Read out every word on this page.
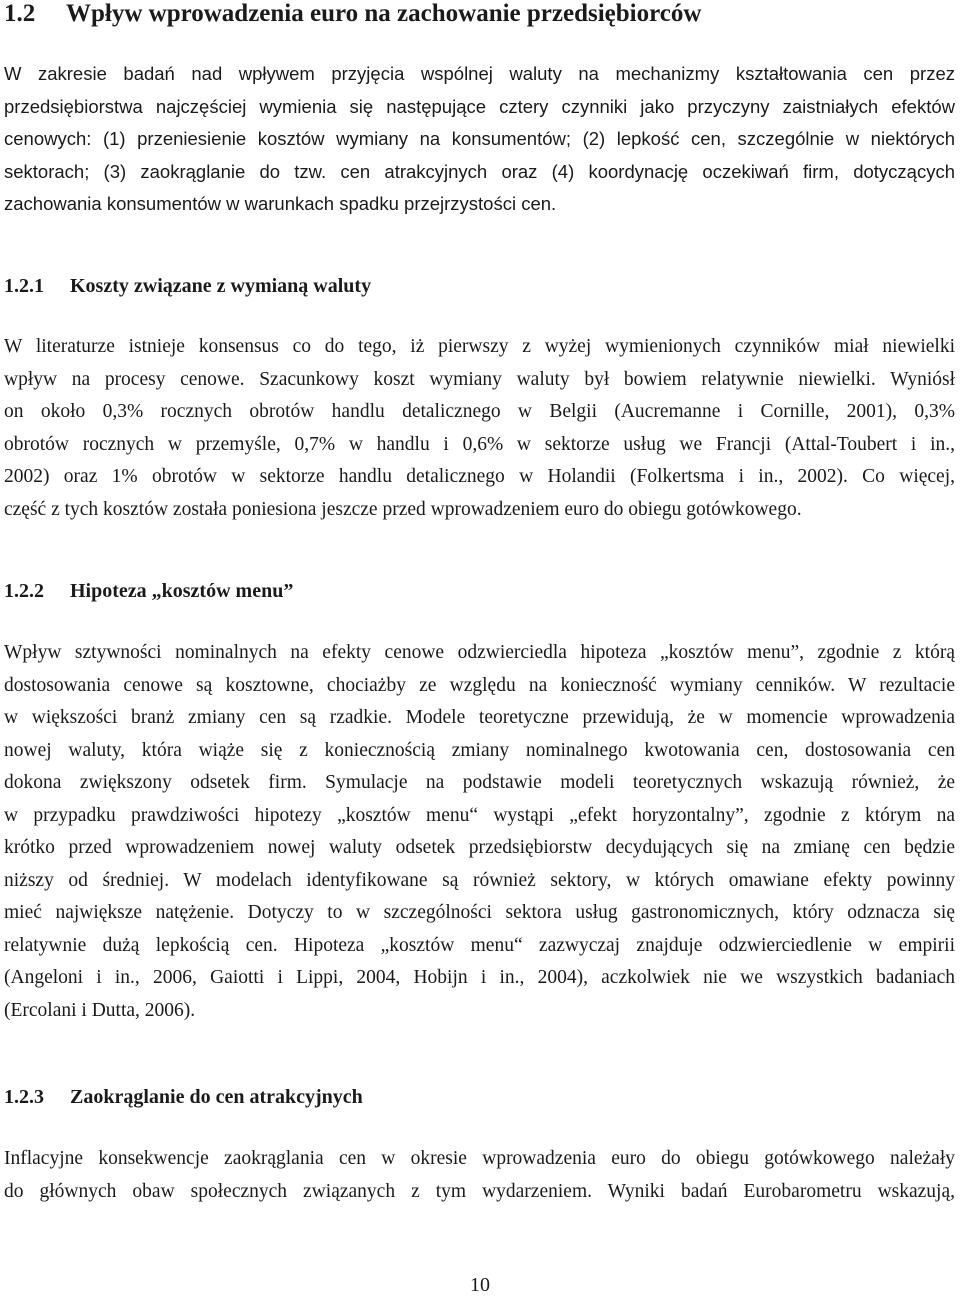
1.2 Wpływ wprowadzenia euro na zachowanie przedsiębiorców

W zakresie badań nad wpływem przyjęcia wspólnej waluty na mechanizmy kształtowania cen przez
przedsiębiorstwa najczęściej wymienia się następujące cztery czynniki jako przyczyny zaistniałych efektów
cenowych: (1) przeniesienie kosztów wymiany na konsumentów; (2) lepkość cen, szczególnie w niektórych
sektorach; (3) zaokrąglanie do tzw. cen atrakcyjnych oraz (4) koordynację oczekiwań firm, dotyczących
zachowania konsumentów w warunkach spadku przejrzystości cen.

1.2.1 Koszty związane z wymianą waluty

W literaturze istnieje konsensus co do tego, iż pierwszy z wyżej wymienionych czynników miał niewielki
wpływ na procesy cenowe. Szacunkowy koszt wymiany waluty był bowiem relatywnie niewielki. Wyniósł
on około 0,3% rocznych obrotów handlu detalicznego w Belgii (Aucremanne i Cornille, 2001), 0,3%
obrotów rocznych w przemyśle, 0,7% w handlu i 0,6% w sektorze usług we Francji (Attal-Toubert i in.,
2002) oraz 1% obrotów w sektorze handlu detalicznego w Holandii (Folkertsma i in., 2002). Co więcej,
część z tych kosztów została poniesiona jeszcze przed wprowadzeniem euro do obiegu gotówkowego.

1.2.2 Hipoteza „kosztów menu”

Wpływ sztywności nominalnych na efekty cenowe odzwierciedla hipoteza „kosztów menu”, zgodnie z którą
dostosowania cenowe są kosztowne, chociażby ze względu na konieczność wymiany cenników. W rezultacie
w większości branż zmiany cen są rzadkie. Modele teoretyczne przewidują, że w momencie wprowadzenia
nowej waluty, która wiąże się z koniecznością zmiany nominalnego kwotowania cen, dostosowania cen
dokona zwiększony odsetek firm. Symulacje na podstawie modeli teoretycznych wskazują również, że
w przypadku prawdziwości hipotezy „kosztów menu“ wystąpi „efekt horyzontalny”, zgodnie z którym na
krótko przed wprowadzeniem nowej waluty odsetek przedsiębiorstw decydujących się na zmianę cen będzie
niższy od średniej. W modelach identyfikowane są również sektory, w których omawiane efekty powinny
mieć największe natężenie. Dotyczy to w szczególności sektora usług gastronomicznych, który odznacza się
relatywnie dużą lepkością cen. Hipoteza „kosztów menu“ zazwyczaj znajduje odzwierciedlenie w empirii
(Angeloni i in., 2006, Gaiotti i Lippi, 2004, Hobijn i in., 2004), aczkolwiek nie we wszystkich badaniach
(Ercolani i Dutta, 2006).

1.2.3 Zaokrąglanie do cen atrakcyjnych

Inflacyjne konsekwencje zaokrąglania cen w okresie wprowadzenia euro do obiegu gotówkowego należały
do głównych obaw społecznych związanych z tym wydarzeniem. Wyniki badań Eurobarometru wskazują,

10
